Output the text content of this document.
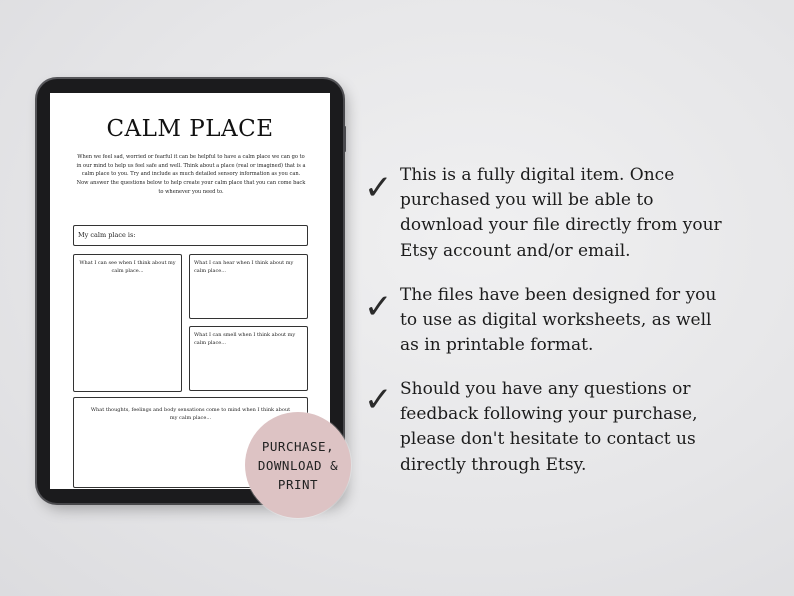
CALM PLACE
When we feel sad, worried or fearful it can be helpful to have a calm place we can go to in our mind to help us feel safe and well. Think about a place (real or imagined) that is a calm place to you. Try and include as much detailed sensory information as you can. Now answer the questions below to help create your calm place that you can come back to whenever you need to.
My calm place is:
What I can see when I think about my calm place...
What I can hear when I think about my calm place...
What I can smell when I think about my calm place...
What thoughts, feelings and body sensations come to mind when I think about my calm place...
PURCHASE,
DOWNLOAD &
PRINT
✓ This is a fully digital item. Once
purchased you will be able to
download your file directly from your
Etsy account and/or email.
✓ The files have been designed for you
to use as digital worksheets, as well
as in printable format.
✓ Should you have any questions or
feedback following your purchase,
please don't hesitate to contact us
directly through Etsy.
